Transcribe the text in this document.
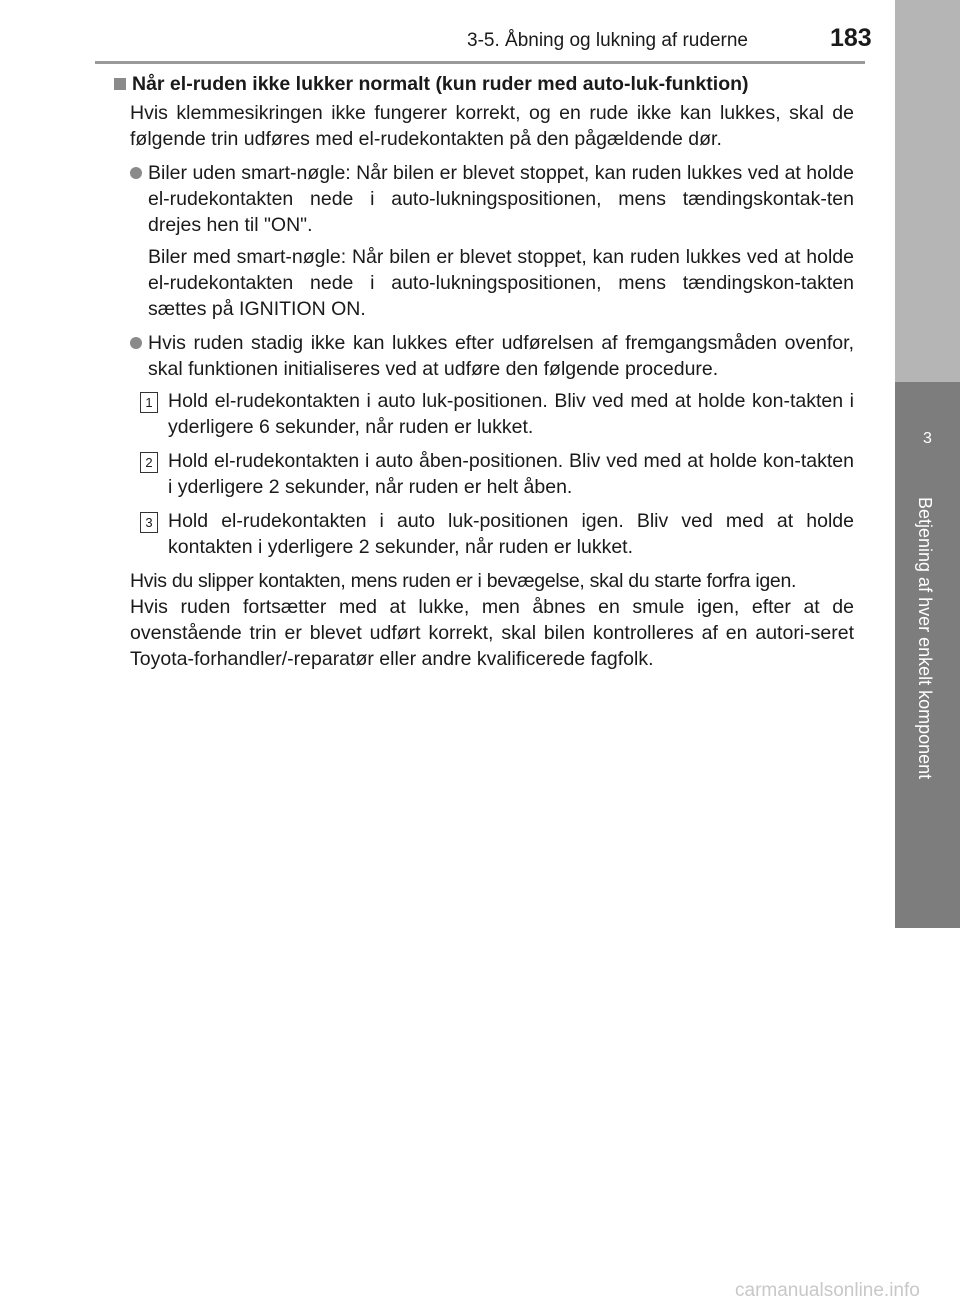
3-5. Åbning og lukning af ruderne	183
3
Betjening af hver enkelt komponent
Når el-ruden ikke lukker normalt (kun ruder med auto-luk-funktion)

Hvis klemmesikringen ikke fungerer korrekt, og en rude ikke kan lukkes, skal de følgende trin udføres med el-rudekontakten på den pågældende dør.

Biler uden smart-nøgle: Når bilen er blevet stoppet, kan ruden lukkes ved at holde el-rudekontakten nede i auto-lukningspositionen, mens tændingskontak-ten drejes hen til "ON".

Biler med smart-nøgle: Når bilen er blevet stoppet, kan ruden lukkes ved at holde el-rudekontakten nede i auto-lukningspositionen, mens tændingskon-takten sættes på IGNITION ON.

Hvis ruden stadig ikke kan lukkes efter udførelsen af fremgangsmåden ovenfor, skal funktionen initialiseres ved at udføre den følgende procedure.
1 Hold el-rudekontakten i auto luk-positionen. Bliv ved med at holde kon-takten i yderligere 6 sekunder, når ruden er lukket.
2 Hold el-rudekontakten i auto åben-positionen. Bliv ved med at holde kon-takten i yderligere 2 sekunder, når ruden er helt åben.
3 Hold el-rudekontakten i auto luk-positionen igen. Bliv ved med at holde kontakten i yderligere 2 sekunder, når ruden er lukket.

Hvis du slipper kontakten, mens ruden er i bevægelse, skal du starte forfra igen.

Hvis ruden fortsætter med at lukke, men åbnes en smule igen, efter at de ovenstående trin er blevet udført korrekt, skal bilen kontrolleres af en autori-seret Toyota-forhandler/-reparatør eller andre kvalificerede fagfolk.

carmanualsonline.info
